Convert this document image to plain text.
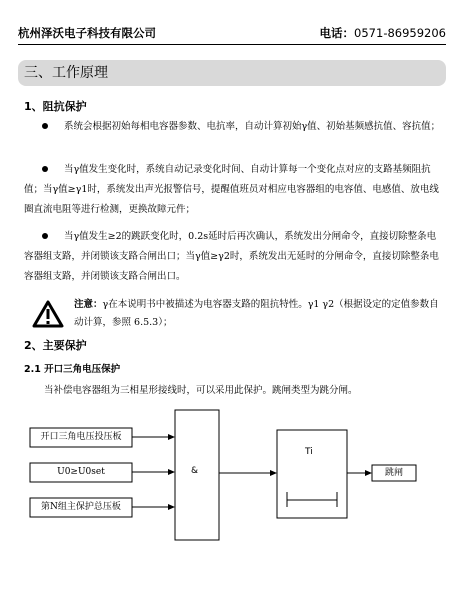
杭州泽沃电子科技有限公司	电话：0571-86959206
三、工作原理
1、阻抗保护
系统会根据初始每相电容器参数、电抗率，自动计算初始γ值、初始基频感抗值、容抗值；
当γ值发生变化时，系统自动记录变化时间、自动计算每一个变化点对应的支路基频阻抗值；当γ值≥γ1时，系统发出声光报警信号，提醒值班员对相应电容器组的电容值、电感值、放电线圈直流电阻等进行检测，更换故障元件；
当γ值发生≥2的跳跃变化时，0.2s延时后再次确认，系统发出分闸命令，直接切除整条电容器组支路，并闭锁该支路合闸出口；当γ值≥γ2时，系统发出无延时的分闸命令，直接切除整条电容器组支路，并闭锁该支路合闸出口。
注意：γ在本说明书中被描述为电容器支路的阻抗特性。γ1 γ2（根据设定的定值参数自动计算，参照 6.5.3）；
2、主要保护
2.1 开口三角电压保护
当补偿电容器组为三相星形接线时，可以采用此保护。跳闸类型为跳分闸。
开口三角电压投压板
U0≥U0set
第N组主保护总压板
&
Ti
跳闸
